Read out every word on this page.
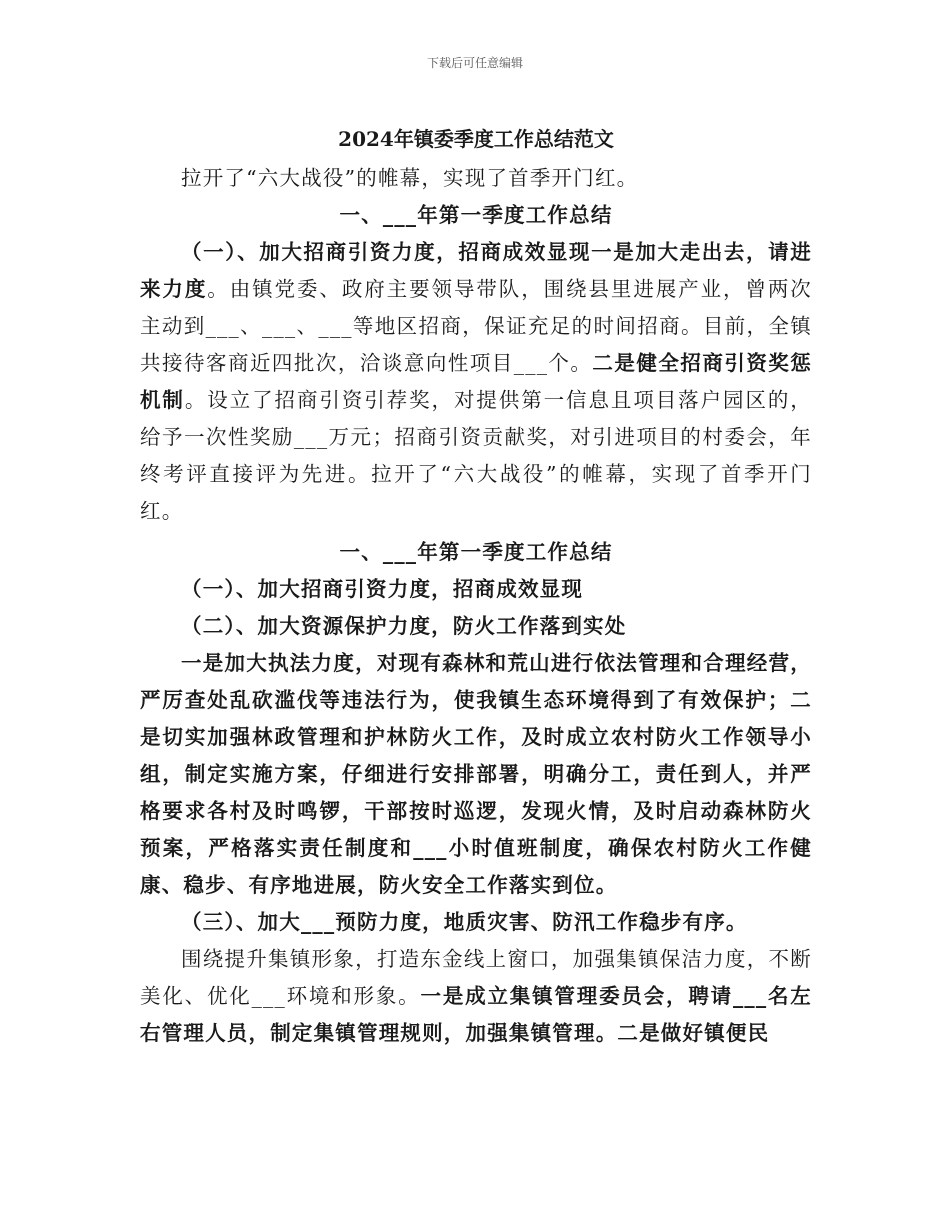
下载后可任意编辑
2024年镇委季度工作总结范文

拉开了“六大战役”的帷幕，实现了首季开门红。

一、___年第一季度工作总结

（一）、加大招商引资力度，招商成效显现一是加大走出去，请进来力度。由镇党委、政府主要领导带队，围绕县里进展产业，曾两次主动到___、___、___等地区招商，保证充足的时间招商。目前，全镇共接待客商近四批次，洽谈意向性项目___个。二是健全招商引资奖惩机制。设立了招商引资引荐奖，对提供第一信息且项目落户园区的，给予一次性奖励___万元；招商引资贡献奖，对引进项目的村委会，年终考评直接评为先进。拉开了“六大战役”的帷幕，实现了首季开门红。

一、___年第一季度工作总结

（一）、加大招商引资力度，招商成效显现

（二）、加大资源保护力度，防火工作落到实处

一是加大执法力度，对现有森林和荒山进行依法管理和合理经营，严厉查处乱砍滥伐等违法行为，使我镇生态环境得到了有效保护；二是切实加强林政管理和护林防火工作，及时成立农村防火工作领导小组，制定实施方案，仔细进行安排部署，明确分工，责任到人，并严格要求各村及时鸣锣，干部按时巡逻，发现火情，及时启动森林防火预案，严格落实责任制度和___小时值班制度，确保农村防火工作健康、稳步、有序地进展，防火安全工作落实到位。

（三）、加大___预防力度，地质灾害、防汛工作稳步有序。

围绕提升集镇形象，打造东金线上窗口，加强集镇保洁力度，不断美化、优化___环境和形象。一是成立集镇管理委员会，聘请___名左右管理人员，制定集镇管理规则，加强集镇管理。二是做好镇便民
